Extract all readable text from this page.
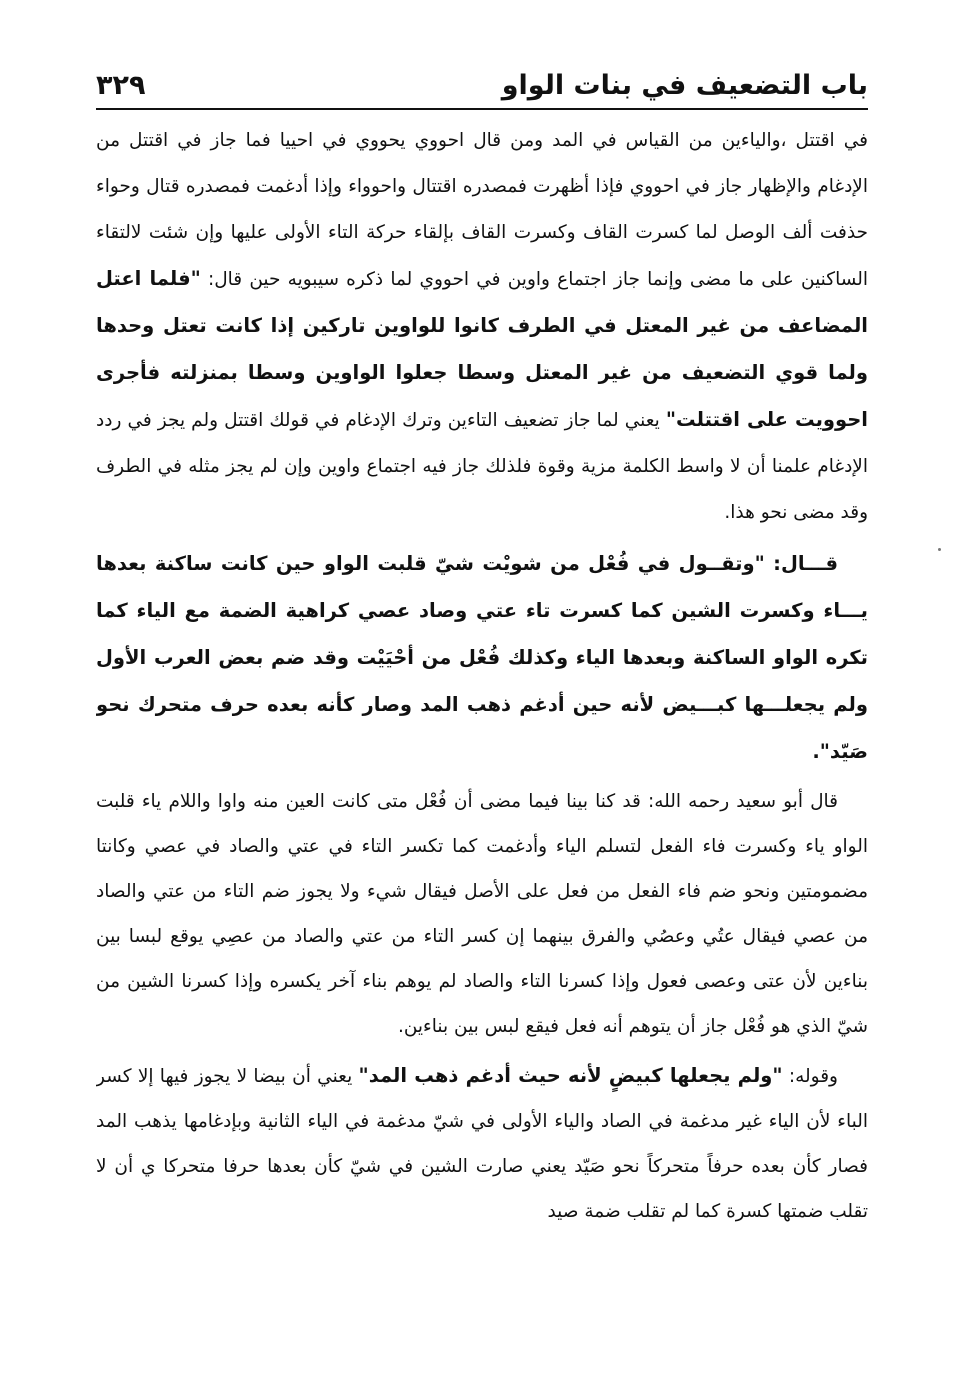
باب التضعيف في بنات الواو
٣٢٩

في اقتتل ،والياءين من القياس في المد ومن قال احووي يحووي في احييا فما جاز في اقتتل من الإدغام والإظهار جاز في احووي فإذا أظهرت فمصدره اقتتال واحوواء وإذا أدغمت فمصدره قتال وحواء حذفت ألف الوصل لما كسرت القاف وكسرت القاف بإلقاء حركة التاء الأولى عليها وإن شئت لالتقاء الساكنين على ما مضى وإنما جاز اجتماع واوين في احووي لما ذكره سيبويه حين قال: "فلما اعتل المضاعف من غير المعتل في الطرف كانوا للواوين تاركين إذا كانت تعتل وحدها ولما قوي التضعيف من غير المعتل وسطا جعلوا الواوين وسطا بمنزلته فأجرى احوويت على اقتتلت" يعني لما جاز تضعيف التاءين وترك الإدغام في قولك اقتتل ولم يجز في ردد الإدغام علمنا أن لا واسط الكلمة مزية وقوة فلذلك جاز فيه اجتماع واوين وإن لم يجز مثله في الطرف وقد مضى نحو هذا.

قـــال: "وتقــول في فُعْل من شويْت شيّ قلبت الواو حين كانت ساكنة بعدها يـــاء وكسرت الشين كما كسرت تاء عتي وصاد عصي كراهية الضمة مع الياء كما تكره الواو الساكنة وبعدها الياء وكذلك فُعْل من أحْيَيْت وقد ضم بعض العرب الأول ولم يجعلـــها كبـــيض لأنه حين أدغم ذهب المد وصار كأنه بعده حرف متحرك نحو صَيّد".

قال أبو سعيد رحمه الله: قد كنا بينا فيما مضى أن فُعْل متى كانت العين منه واوا واللام ياء قلبت الواو ياء وكسرت فاء الفعل لتسلم الياء وأدغمت كما تكسر التاء في عتي والصاد في عصي وكانتا مضمومتين ونحو ضم فاء الفعل من فعل على الأصل فيقال شيء ولا يجوز ضم التاء من عتي والصاد من عصي فيقال عتُي وعصُي والفرق بينهما إن كسر التاء من عتي والصاد من عصِي يوقع لبسا بين بناءين لأن عتى وعصى فعول وإذا كسرنا التاء والصاد لم يوهم بناء آخر يكسره وإذا كسرنا الشين من شيّ الذي هو فُعْل جاز أن يتوهم أنه فعل فيقع لبس بين بناءين.

وقوله: "ولم يجعلها كبيضٍ لأنه حيث أدغم ذهب المد" يعني أن بيضا لا يجوز فيها إلا كسر الباء لأن الياء غير مدغمة في الصاد والياء الأولى في شيّ مدغمة في الياء الثانية وبإدغامها يذهب المد فصار كأن بعده حرفاً متحركاً نحو صَيّد يعني صارت الشين في شيّ كأن بعدها حرفا متحركا ي أن لا تقلب ضمتها كسرة كما لم تقلب ضمة صيد
